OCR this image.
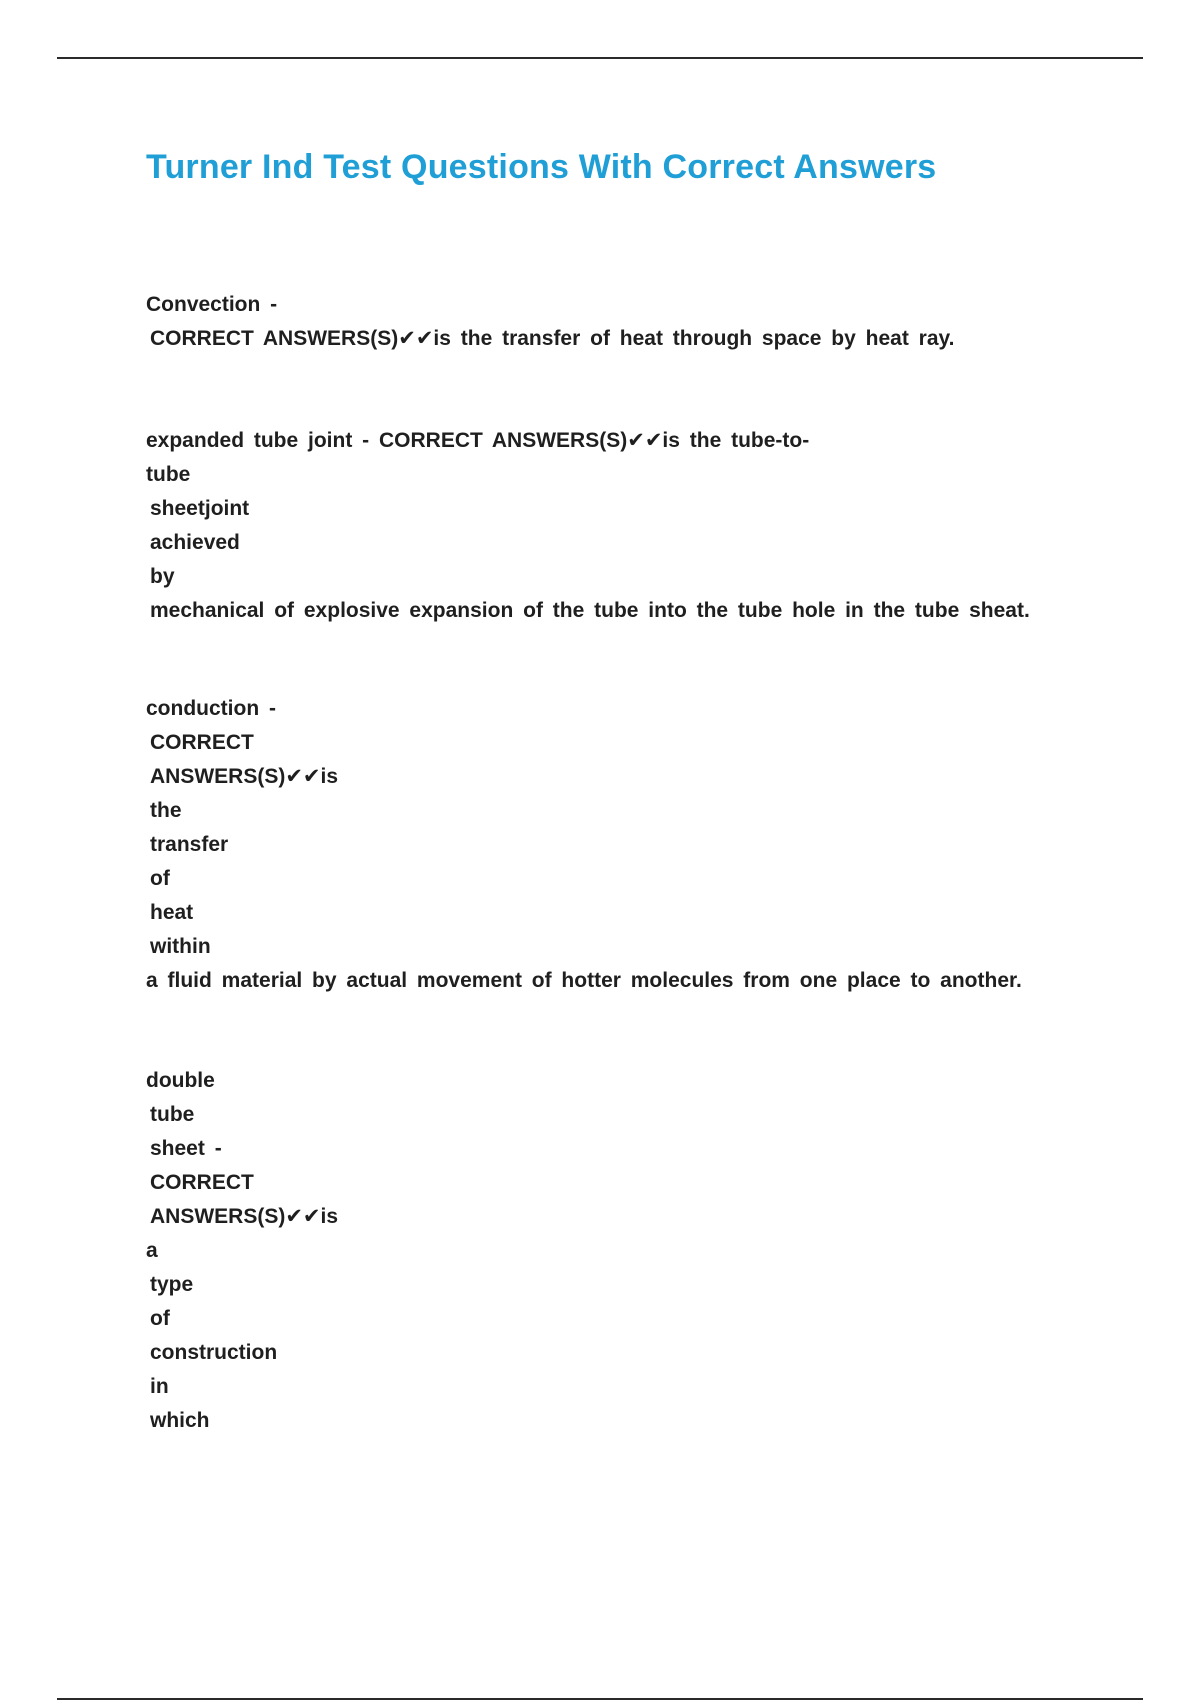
Turner Ind Test Questions With Correct Answers
Convection -
CORRECT ANSWERS(S)✔✔is the transfer of heat through space by heat ray.
expanded tube joint - CORRECT ANSWERS(S)✔✔is the tube-to-
tube
sheetjoint
achieved
by
mechanical of explosive expansion of the tube into the tube hole in the tube sheat.
conduction -
CORRECT
ANSWERS(S)✔✔is
the
transfer
of
heat
within
a fluid material by actual movement of hotter molecules from one place to another.
double
tube
sheet -
CORRECT
ANSWERS(S)✔✔is
a
type
of
construction
in
which
